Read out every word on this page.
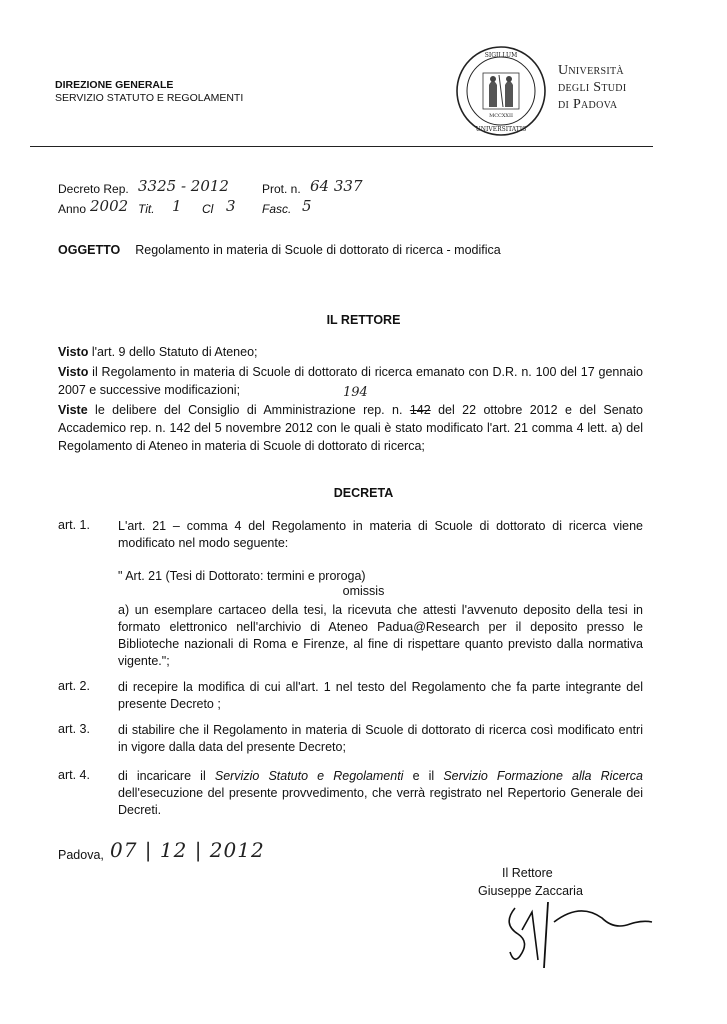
DIREZIONE GENERALE
SERVIZIO STATUTO E REGOLAMENTI
SIGILLUM
UNIVERSITATIS
MCCXXII
Università
degli Studi
di Padova
Decreto Rep. 3325 - 2012	Prot. n. 64 337
Anno 2002 Tit. 1 Cl 3 Fasc. 5
OGGETTO Regolamento in materia di Scuole di dottorato di ricerca - modifica
IL RETTORE
Visto l'art. 9 dello Statuto di Ateneo;
Visto il Regolamento in materia di Scuole di dottorato di ricerca emanato con D.R. n. 100 del 17 gennaio 2007 e successive modificazioni;	194
Viste le delibere del Consiglio di Amministrazione rep. n. 142 del 22 ottobre 2012 e del Senato Accademico rep. n. 142 del 5 novembre 2012 con le quali è stato modificato l'art. 21 comma 4 lett. a) del Regolamento di Ateneo in materia di Scuole di dottorato di ricerca;
DECRETA
art. 1. L'art. 21 – comma 4 del Regolamento in materia di Scuole di dottorato di ricerca viene modificato nel modo seguente:
" Art. 21 (Tesi di Dottorato: termini e proroga)
omissis
a) un esemplare cartaceo della tesi, la ricevuta che attesti l'avvenuto deposito della tesi in formato elettronico nell'archivio di Ateneo Padua@Research per il deposito presso le Biblioteche nazionali di Roma e Firenze, al fine di rispettare quanto previsto dalla normativa vigente.";
art. 2. di recepire la modifica di cui all'art. 1 nel testo del Regolamento che fa parte integrante del presente Decreto ;
art. 3. di stabilire che il Regolamento in materia di Scuole di dottorato di ricerca così modificato entri in vigore dalla data del presente Decreto;
art. 4. di incaricare il Servizio Statuto e Regolamenti e il Servizio Formazione alla Ricerca dell'esecuzione del presente provvedimento, che verrà registrato nel Repertorio Generale dei Decreti.
Padova, 07 | 12 | 2012
Il Rettore
Giuseppe Zaccaria
